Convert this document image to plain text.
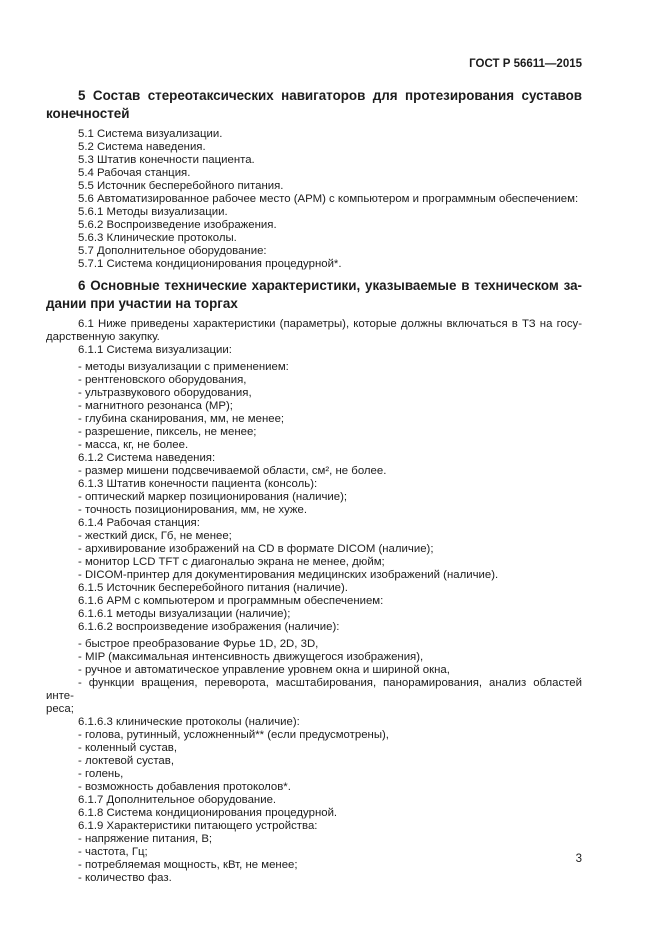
ГОСТ Р 56611—2015
5 Состав стереотаксических навигаторов для протезирования суставов
конечностей
5.1 Система визуализации.
5.2 Система наведения.
5.3 Штатив конечности пациента.
5.4 Рабочая станция.
5.5 Источник бесперебойного питания.
5.6 Автоматизированное рабочее место (АРМ) с компьютером и программным обеспечением:
5.6.1 Методы визуализации.
5.6.2 Воспроизведение изображения.
5.6.3 Клинические протоколы.
5.7 Дополнительное оборудование:
5.7.1 Система кондиционирования процедурной*.
6 Основные технические характеристики, указываемые в техническом за-
дании при участии на торгах
6.1 Ниже приведены характеристики (параметры), которые должны включаться в ТЗ на госу-
дарственную закупку.
6.1.1 Система визуализации:
- методы визуализации с применением:
- рентгеновского оборудования,
- ультразвукового оборудования,
- магнитного резонанса (МР);
- глубина сканирования, мм, не менее;
- разрешение, пиксель, не менее;
- масса, кг, не более.
6.1.2 Система наведения:
- размер мишени подсвечиваемой области, см², не более.
6.1.3 Штатив конечности пациента (консоль):
- оптический маркер позиционирования (наличие);
- точность позиционирования, мм, не хуже.
6.1.4 Рабочая станция:
- жесткий диск, Гб, не менее;
- архивирование изображений на CD в формате DICOM (наличие);
- монитор LCD TFT с диагональю экрана не менее, дюйм;
- DICOM-принтер для документирования медицинских изображений (наличие).
6.1.5 Источник бесперебойного питания (наличие).
6.1.6 АРМ с компьютером и программным обеспечением:
6.1.6.1 методы визуализации (наличие);
6.1.6.2 воспроизведение изображения (наличие):
- быстрое преобразование Фурье 1D, 2D, 3D,
- MIP (максимальная интенсивность движущегося изображения),
- ручное и автоматическое управление уровнем окна и шириной окна,
- функции вращения, переворота, масштабирования, панорамирования, анализ областей инте-
реса;
6.1.6.3 клинические протоколы (наличие):
- голова, рутинный, усложненный** (если предусмотрены),
- коленный сустав,
- локтевой сустав,
- голень,
- возможность добавления протоколов*.
6.1.7 Дополнительное оборудование.
6.1.8 Система кондиционирования процедурной.
6.1.9 Характеристики питающего устройства:
- напряжение питания, В;
- частота, Гц;
- потребляемая мощность, кВт, не менее;
- количество фаз.
3
